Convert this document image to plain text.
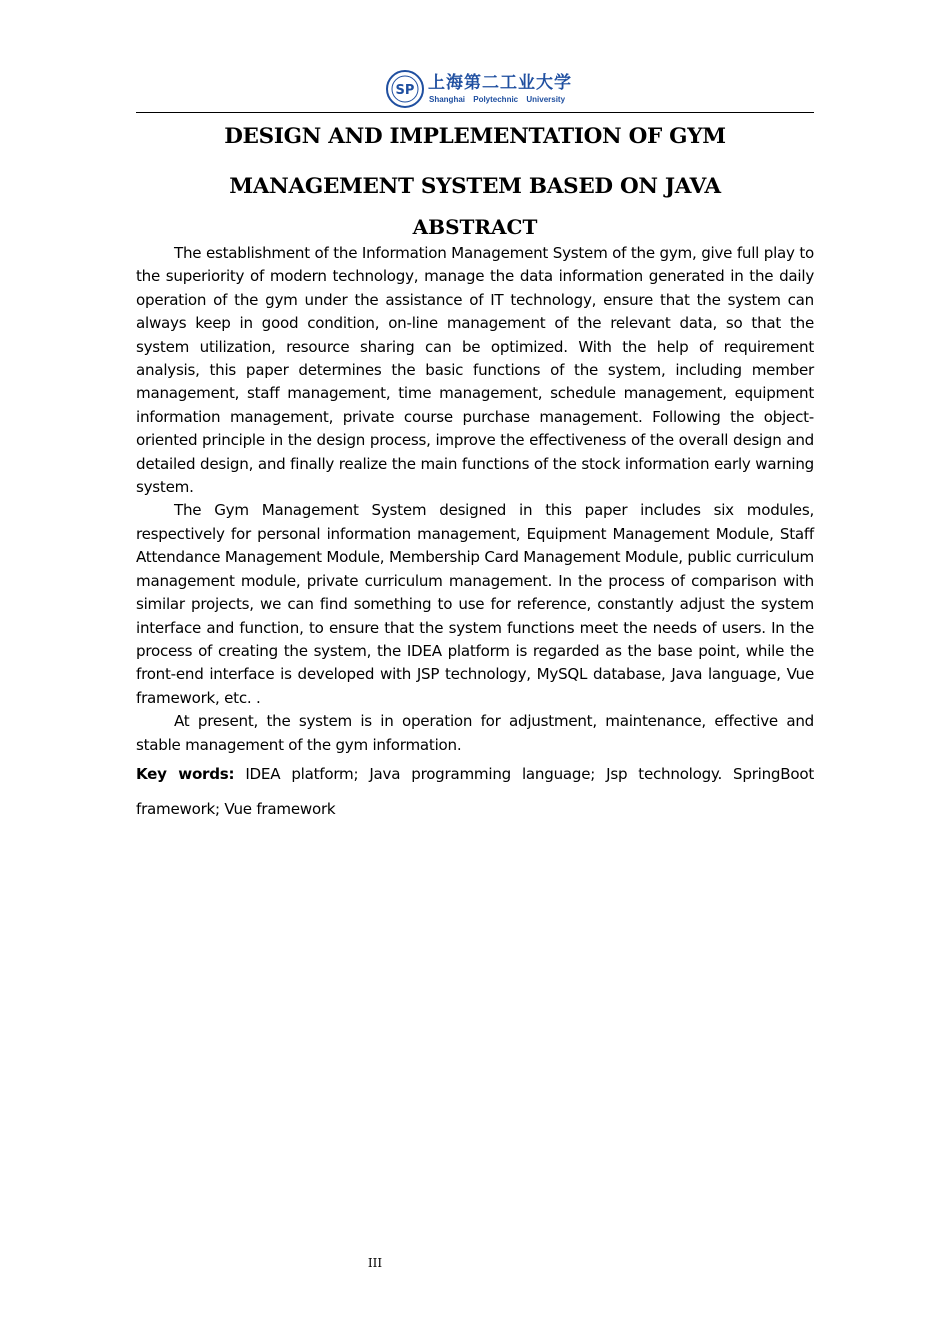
SP 上海第二工业大学
Shanghai Polytechnic University
DESIGN AND IMPLEMENTATION OF GYM
MANAGEMENT SYSTEM BASED ON JAVA
ABSTRACT

The establishment of the Information Management System of the gym, give full play to the superiority of modern technology, manage the data information generated in the daily operation of the gym under the assistance of IT technology, ensure that the system can always keep in good condition, on-line management of the relevant data, so that the system utilization, resource sharing can be optimized. With the help of requirement analysis, this paper determines the basic functions of the system, including member management, staff management, time management, schedule management, equipment information management, private course purchase management. Following the object-oriented principle in the design process, improve the effectiveness of the overall design and detailed design, and finally realize the main functions of the stock information early warning system.

The Gym Management System designed in this paper includes six modules, respectively for personal information management, Equipment Management Module, Staff Attendance Management Module, Membership Card Management Module, public curriculum management module, private curriculum management. In the process of comparison with similar projects, we can find something to use for reference, constantly adjust the system interface and function, to ensure that the system functions meet the needs of users. In the process of creating the system, the IDEA platform is regarded as the base point, while the front-end interface is developed with JSP technology, MySQL database, Java language, Vue framework, etc. .

At present, the system is in operation for adjustment, maintenance, effective and stable management of the gym information.

Key words: IDEA platform; Java programming language; Jsp technology. SpringBoot framework; Vue framework
III
